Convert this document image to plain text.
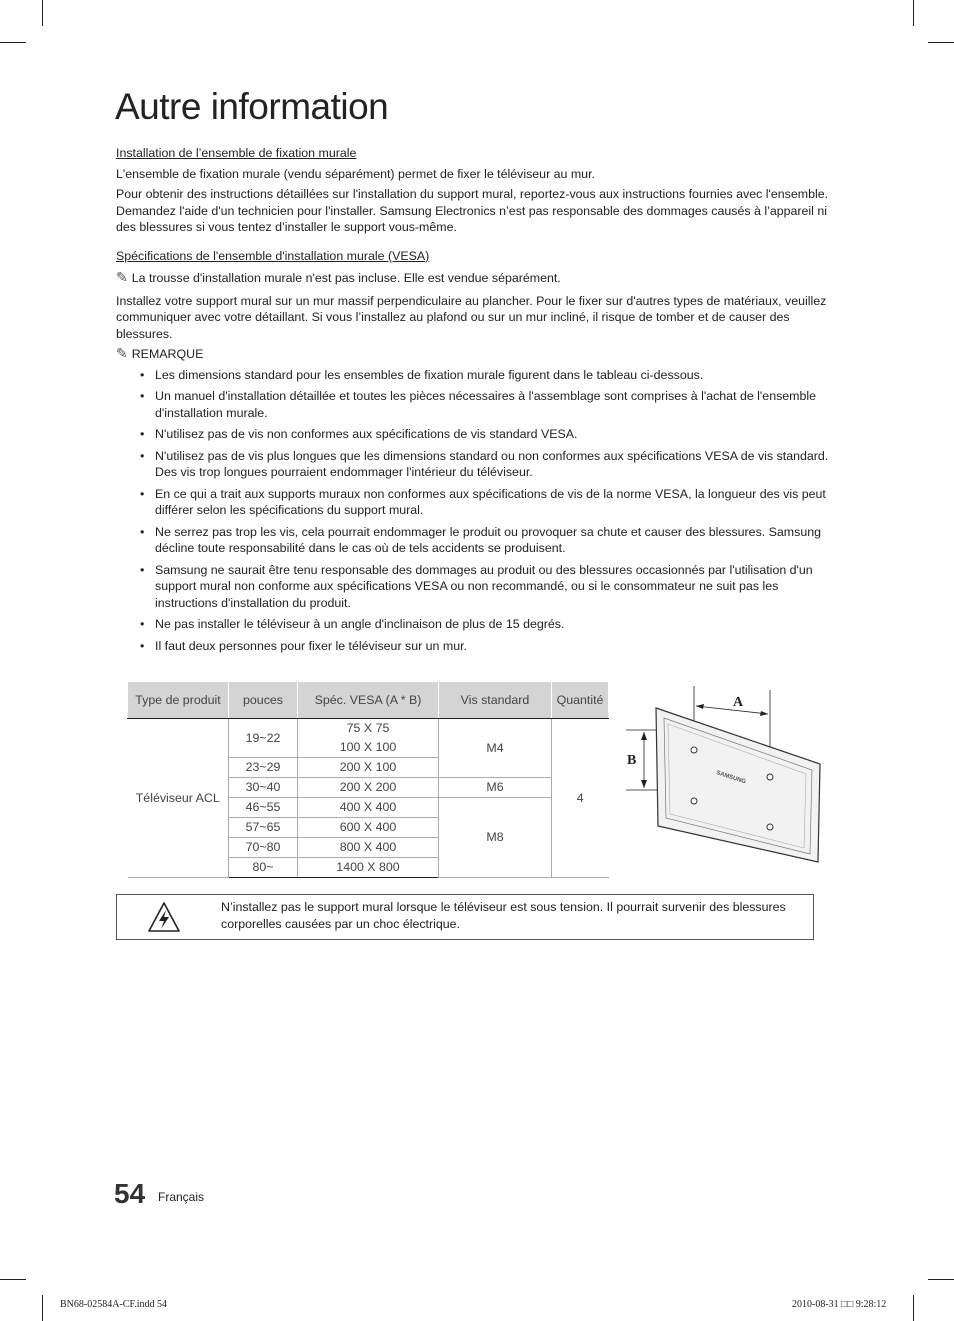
Autre information

Installation de l’ensemble de fixation murale

L'ensemble de fixation murale (vendu séparément) permet de fixer le téléviseur au mur.

Pour obtenir des instructions détaillées sur l'installation du support mural, reportez-vous aux instructions fournies avec l'ensemble. Demandez l'aide d'un technicien pour l'installer. Samsung Electronics n’est pas responsable des dommages causés à l’appareil ni des blessures si vous tentez d’installer le support vous-même.

Spécifications de l'ensemble d'installation murale (VESA)

✎ La trousse d'installation murale n'est pas incluse. Elle est vendue séparément.

Installez votre support mural sur un mur massif perpendiculaire au plancher. Pour le fixer sur d'autres types de matériaux, veuillez communiquer avec votre détaillant. Si vous l’installez au plafond ou sur un mur incliné, il risque de tomber et de causer des blessures.

✎ REMARQUE
• Les dimensions standard pour les ensembles de fixation murale figurent dans le tableau ci-dessous.
• Un manuel d'installation détaillée et toutes les pièces nécessaires à l'assemblage sont comprises à l'achat de l'ensemble d'installation murale.
• N'utilisez pas de vis non conformes aux spécifications de vis standard VESA.
• N'utilisez pas de vis plus longues que les dimensions standard ou non conformes aux spécifications VESA de vis standard. Des vis trop longues pourraient endommager l'intérieur du téléviseur.
• En ce qui a trait aux supports muraux non conformes aux spécifications de vis de la norme VESA, la longueur des vis peut différer selon les spécifications du support mural.
• Ne serrez pas trop les vis, cela pourrait endommager le produit ou provoquer sa chute et causer des blessures. Samsung décline toute responsabilité dans le cas où de tels accidents se produisent.
• Samsung ne saurait être tenu responsable des dommages au produit ou des blessures occasionnés par l'utilisation d'un support mural non conforme aux spécifications VESA ou non recommandé, ou si le consommateur ne suit pas les instructions d'installation du produit.
• Ne pas installer le téléviseur à un angle d'inclinaison de plus de 15 degrés.
• Il faut deux personnes pour fixer le téléviseur sur un mur.
Type de produit	pouces	Spéc. VESA (A * B)	Vis standard	Quantité
Téléviseur ACL	19~22	75 X 75	M4	4
		100 X 100		
	23~29	200 X 100		
	30~40	200 X 200	M6	
	46~55	400 X 400	M8	
	57~65	600 X 400		
	70~80	800 X 400		
	80~	1400 X 800		
A
B
SAMSUNG
N’installez pas le support mural lorsque le téléviseur est sous tension. Il pourrait survenir des blessures corporelles causées par un choc électrique.
54 Français
BN68-02584A-CF.indd 54	2010-08-31 □□ 9:28:12
